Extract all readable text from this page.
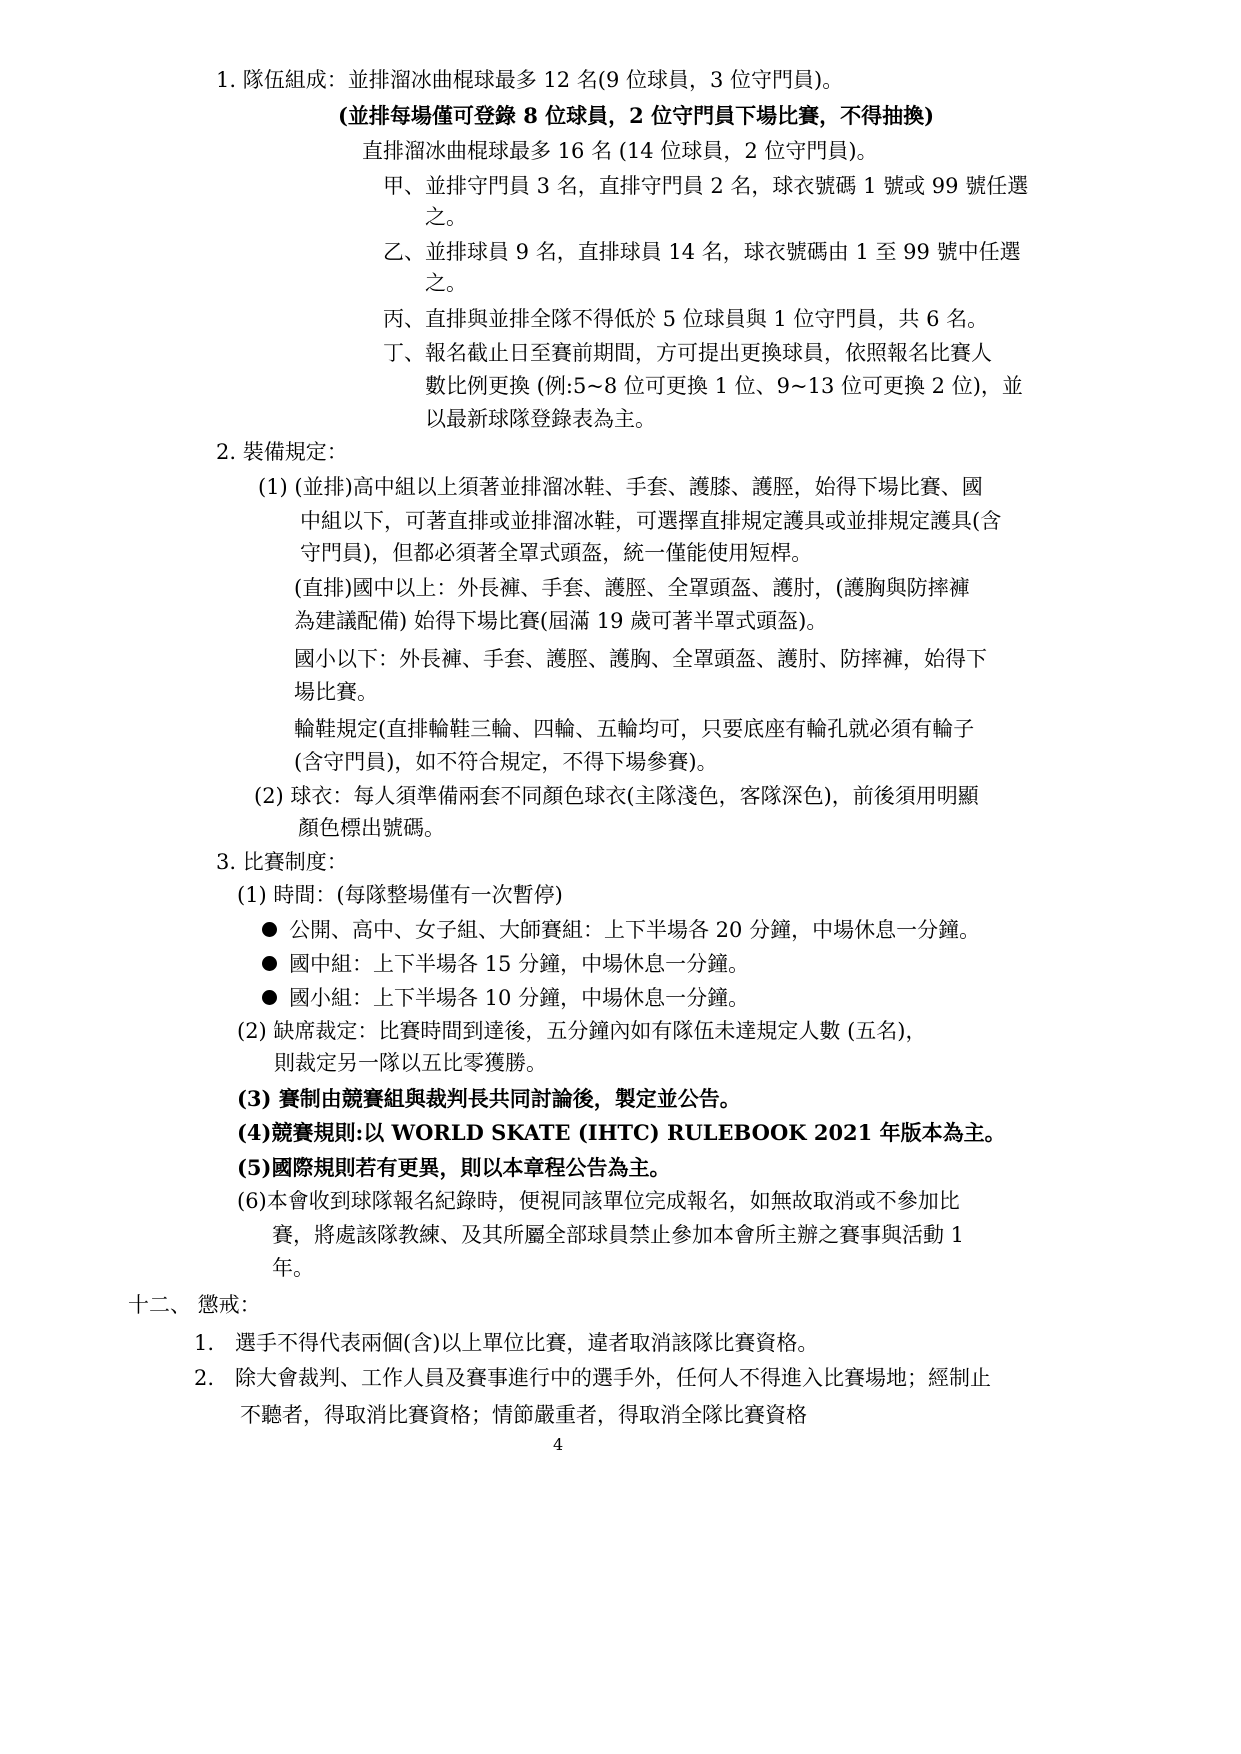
1. 隊伍組成：並排溜冰曲棍球最多 12 名(9 位球員，3 位守門員)。
(並排每場僅可登錄 8 位球員，2 位守門員下場比賽，不得抽換)
直排溜冰曲棍球最多 16 名 (14 位球員，2 位守門員)。
甲、並排守門員 3 名，直排守門員 2 名，球衣號碼 1 號或 99 號任選
之。
乙、並排球員 9 名，直排球員 14 名，球衣號碼由 1 至 99 號中任選
之。
丙、直排與並排全隊不得低於 5 位球員與 1 位守門員，共 6 名。
丁、報名截止日至賽前期間，方可提出更換球員，依照報名比賽人
數比例更換 (例:5~8 位可更換 1 位、9~13 位可更換 2 位)，並
以最新球隊登錄表為主。
2. 裝備規定：
(1) (並排)高中組以上須著並排溜冰鞋、手套、護膝、護脛，始得下場比賽、國
中組以下，可著直排或並排溜冰鞋，可選擇直排規定護具或並排規定護具(含
守門員)，但都必須著全罩式頭盔，統一僅能使用短桿。
(直排)國中以上：外長褲、手套、護脛、全罩頭盔、護肘，(護胸與防摔褲
為建議配備) 始得下場比賽(屆滿 19 歲可著半罩式頭盔)。
國小以下：外長褲、手套、護脛、護胸、全罩頭盔、護肘、防摔褲，始得下
場比賽。
輪鞋規定(直排輪鞋三輪、四輪、五輪均可，只要底座有輪孔就必須有輪子
(含守門員)，如不符合規定，不得下場參賽)。
(2) 球衣：每人須準備兩套不同顏色球衣(主隊淺色，客隊深色)，前後須用明顯
顏色標出號碼。
3. 比賽制度：
(1) 時間：(每隊整場僅有一次暫停)
公開、高中、女子組、大師賽組：上下半場各 20 分鐘，中場休息一分鐘。
國中組：上下半場各 15 分鐘，中場休息一分鐘。
國小組：上下半場各 10 分鐘，中場休息一分鐘。
(2) 缺席裁定：比賽時間到達後，五分鐘內如有隊伍未達規定人數 (五名)，
則裁定另一隊以五比零獲勝。
(3) 賽制由競賽組與裁判長共同討論後，製定並公告。
(4)競賽規則:以 WORLD SKATE (IHTC) RULEBOOK 2021 年版本為主。
(5)國際規則若有更異，則以本章程公告為主。
(6)本會收到球隊報名紀錄時，便視同該單位完成報名，如無故取消或不參加比
賽，將處該隊教練、及其所屬全部球員禁止參加本會所主辦之賽事與活動 1
年。
十二、 懲戒：
1.　選手不得代表兩個(含)以上單位比賽，違者取消該隊比賽資格。
2.　除大會裁判、工作人員及賽事進行中的選手外，任何人不得進入比賽場地；經制止
不聽者，得取消比賽資格；情節嚴重者，得取消全隊比賽資格
4
